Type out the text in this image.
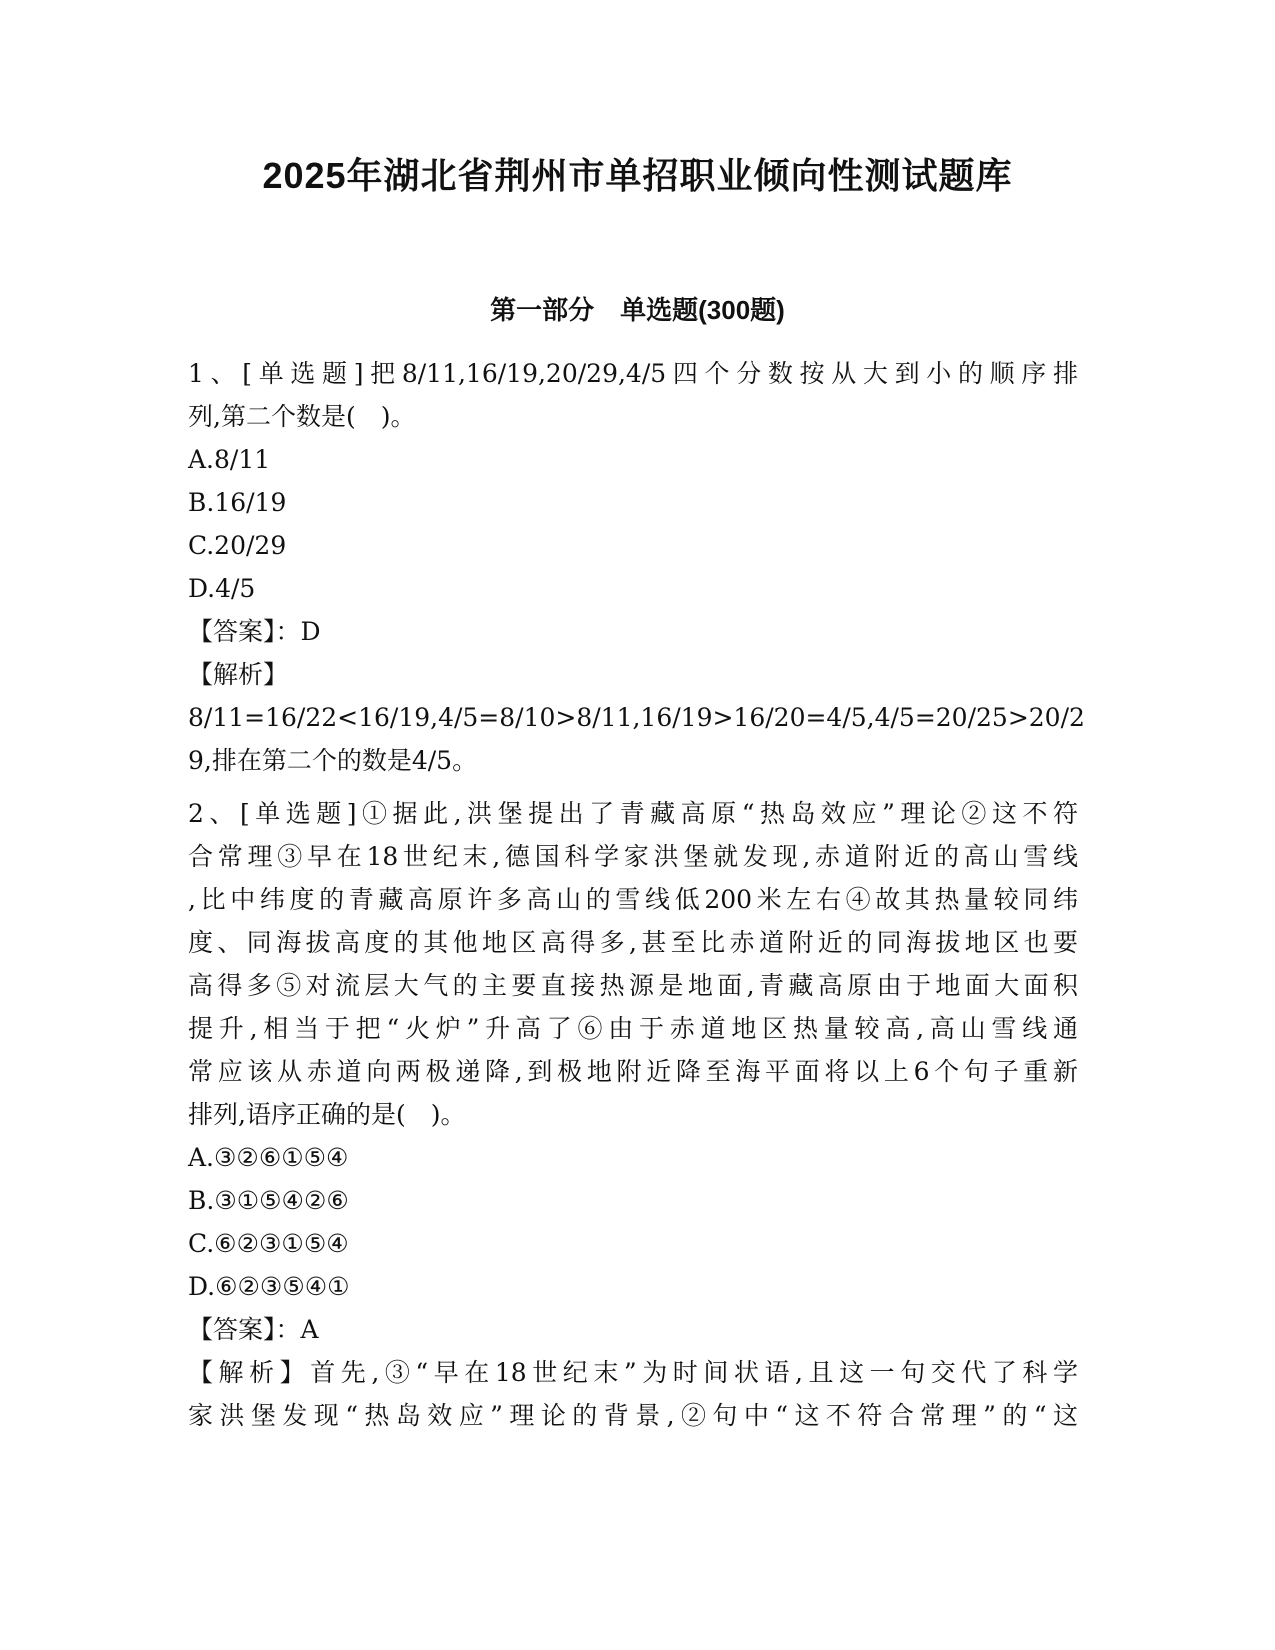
2025年湖北省荆州市单招职业倾向性测试题库
第一部分　单选题(300题)
1、[单选题]把8/11,16/19,20/29,4/5四个分数按从大到小的顺序排
列,第二个数是(　)。
A.8/11
B.16/19
C.20/29
D.4/5
【答案】：D
【解析】
8/11=16/22<16/19,4/5=8/10>8/11,16/19>16/20=4/5,4/5=20/25>20/2
9,排在第二个的数是4/5。
2、[单选题]①据此,洪堡提出了青藏高原“热岛效应”理论②这不符
合常理③早在18世纪末,德国科学家洪堡就发现,赤道附近的高山雪线
,比中纬度的青藏高原许多高山的雪线低200米左右④故其热量较同纬
度、同海拔高度的其他地区高得多,甚至比赤道附近的同海拔地区也要
高得多⑤对流层大气的主要直接热源是地面,青藏高原由于地面大面积
提升,相当于把“火炉”升高了⑥由于赤道地区热量较高,高山雪线通
常应该从赤道向两极递降,到极地附近降至海平面将以上6个句子重新
排列,语序正确的是(　)。
A.③②⑥①⑤④
B.③①⑤④②⑥
C.⑥②③①⑤④
D.⑥②③⑤④①
【答案】：A
【解析】首先,③“早在18世纪末”为时间状语,且这一句交代了科学
家洪堡发现“热岛效应”理论的背景,②句中“这不符合常理”的“这
